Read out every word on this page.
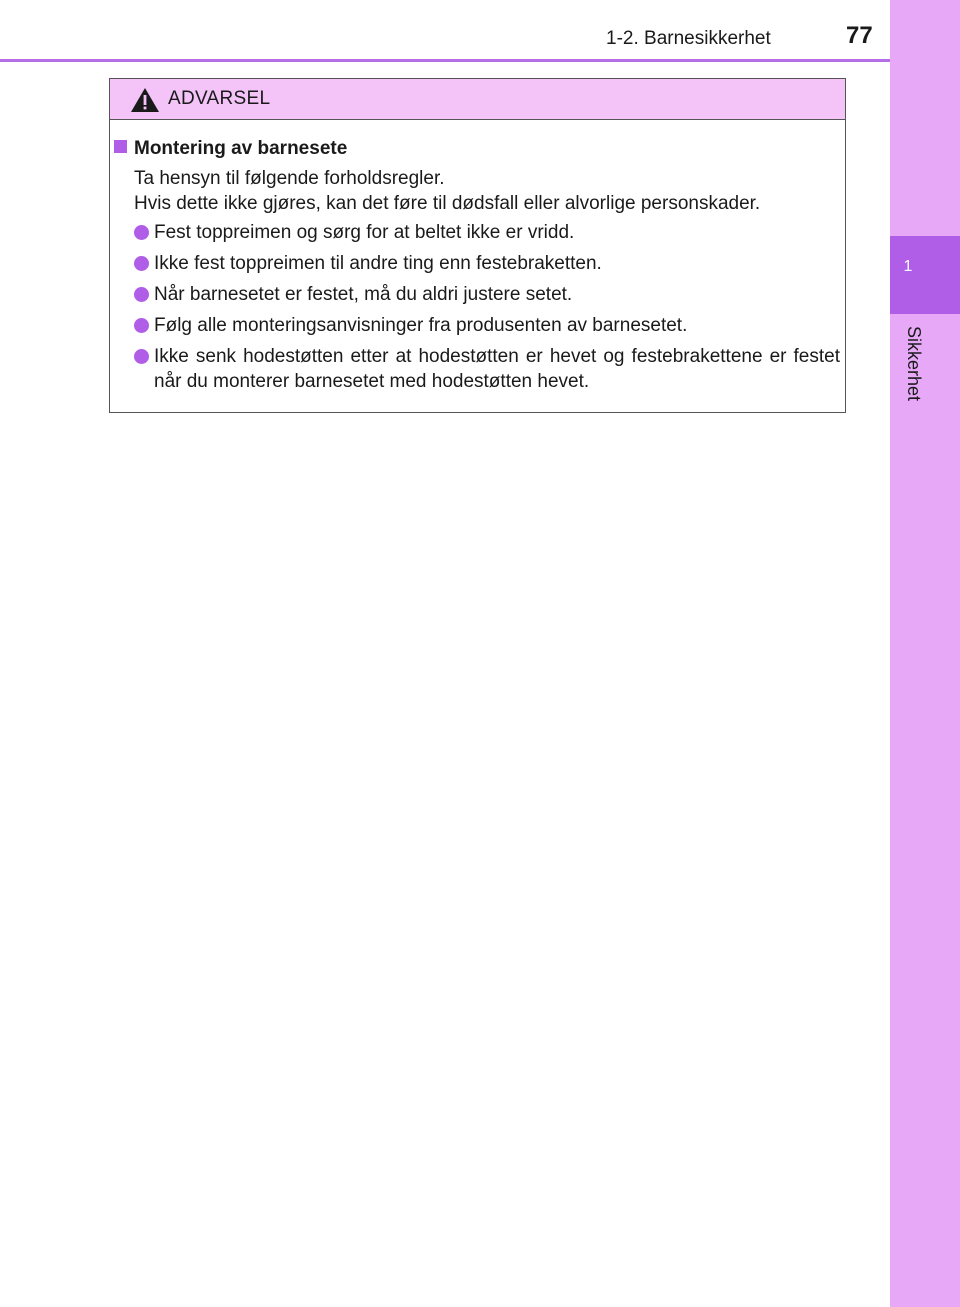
1-2. Barnesikkerhet	77
1
Sikkerhet
ADVARSEL
Montering av barnesete
Ta hensyn til følgende forholdsregler.
Hvis dette ikke gjøres, kan det føre til dødsfall eller alvorlige personskader.
Fest toppreimen og sørg for at beltet ikke er vridd.
Ikke fest toppreimen til andre ting enn festebraketten.
Når barnesetet er festet, må du aldri justere setet.
Følg alle monteringsanvisninger fra produsenten av barnesetet.
Ikke senk hodestøtten etter at hodestøtten er hevet og festebrakettene er festet når du monterer barnesetet med hodestøtten hevet.
